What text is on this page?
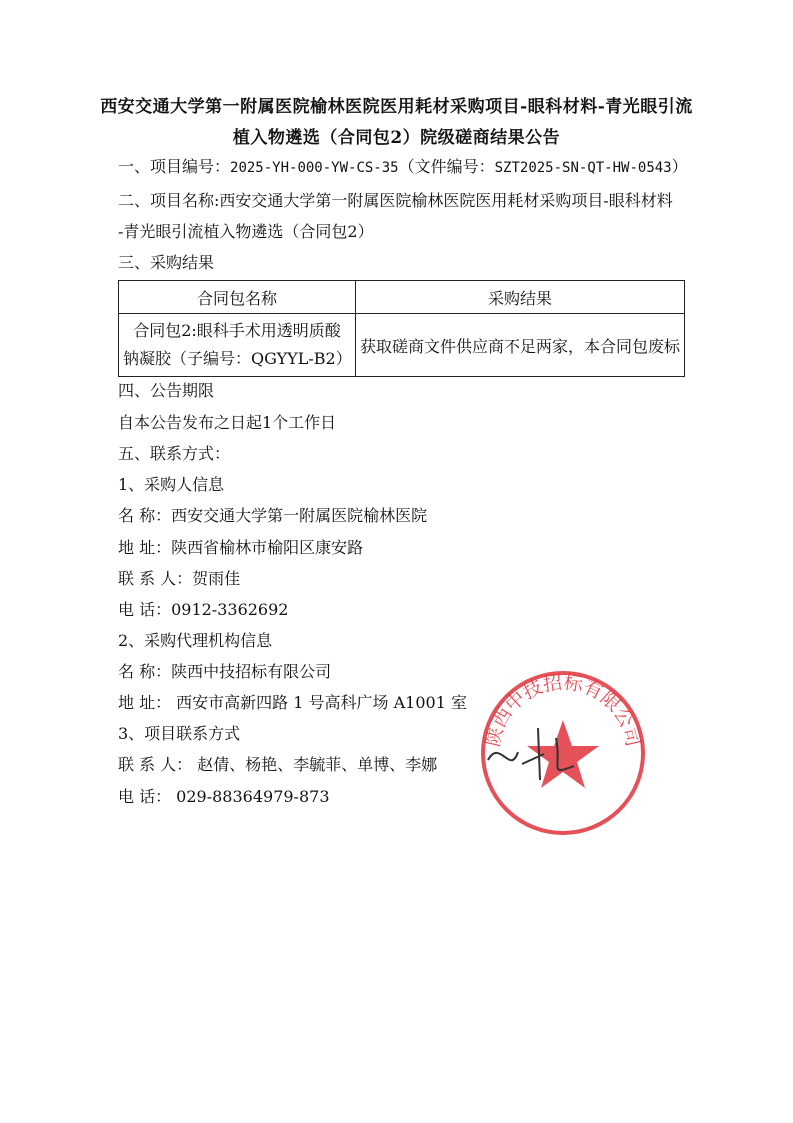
西安交通大学第一附属医院榆林医院医用耗材采购项目-眼科材料-青光眼引流
植入物遴选（合同包2）院级磋商结果公告
一、项目编号：2025-YH-000-YW-CS-35（文件编号：SZT2025-SN-QT-HW-0543）
二、项目名称:西安交通大学第一附属医院榆林医院医用耗材采购项目-眼科材料
-青光眼引流植入物遴选（合同包2）
三、采购结果
合同包名称	采购结果

合同包2:眼科手术用透明质酸
钠凝胶（子编号：QGYYL-B2）	获取磋商文件供应商不足两家，本合同包废标
四、公告期限
自本公告发布之日起1个工作日
五、联系方式：
1、采购人信息
名 称：西安交通大学第一附属医院榆林医院
地 址：陕西省榆林市榆阳区康安路
联 系 人：贺雨佳
电 话：0912-3362692
2、采购代理机构信息
名 称：陕西中技招标有限公司
地 址： 西安市高新四路 1 号高科广场 A1001 室
3、项目联系方式
联 系 人： 赵倩、杨艳、李毓菲、单博、李娜
电 话： 029-88364979-873
陕西中技招标有限公司
